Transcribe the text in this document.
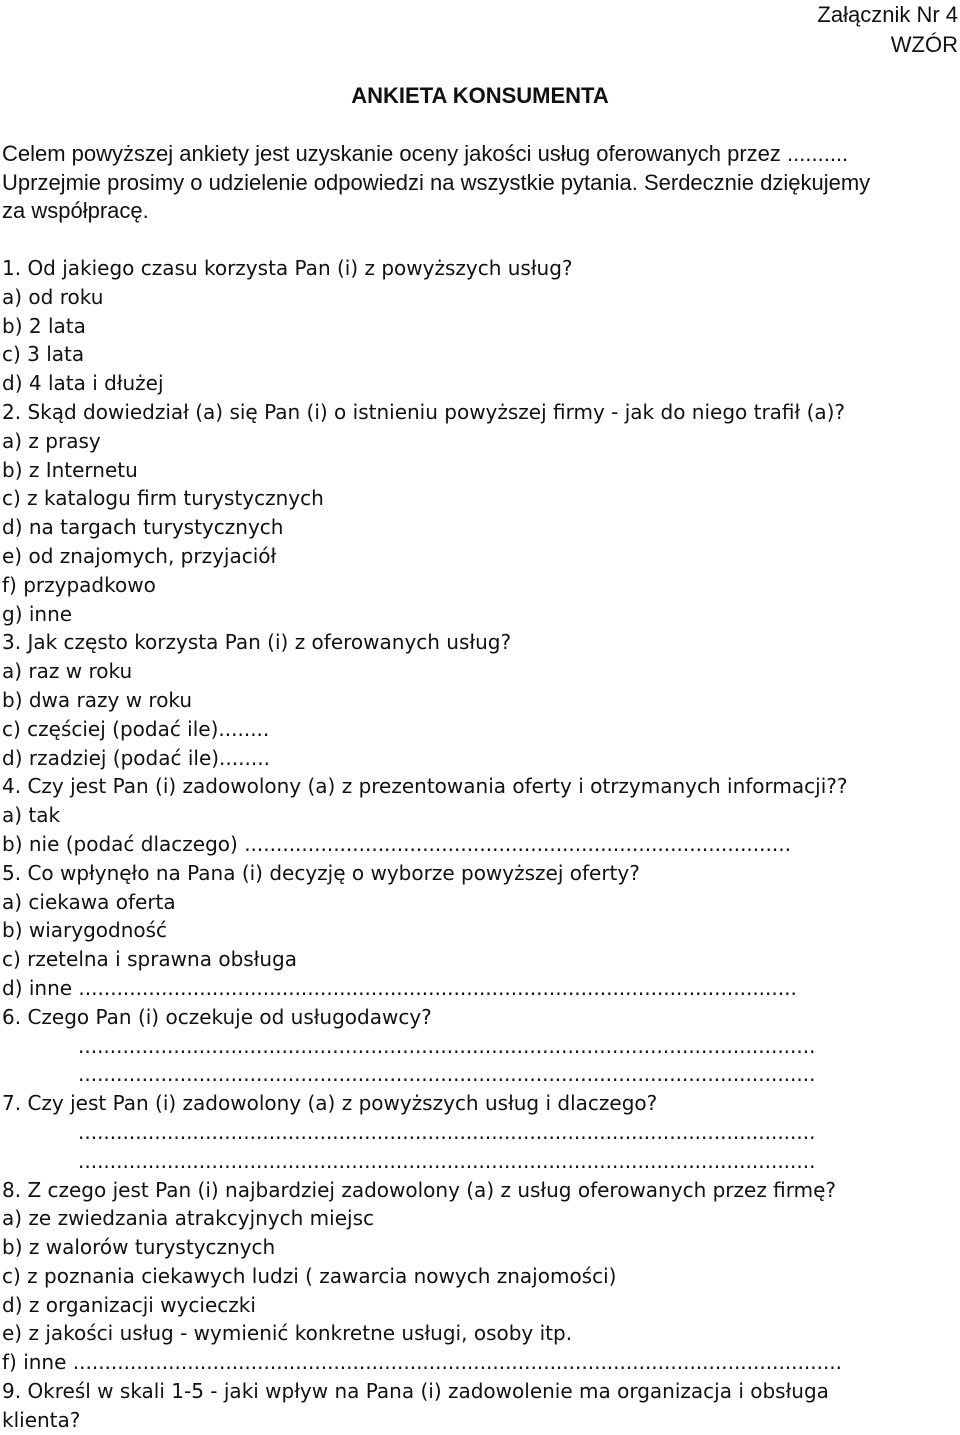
Załącznik Nr 4
WZÓR
ANKIETA KONSUMENTA
Celem powyższej ankiety jest uzyskanie oceny jakości usług oferowanych przez ..........
Uprzejmie prosimy o udzielenie odpowiedzi na wszystkie pytania. Serdecznie dziękujemy
za współpracę.
1. Od jakiego czasu korzysta Pan (i) z powyższych usług?
a) od roku
b) 2 lata
c) 3 lata
d) 4 lata i dłużej
2. Skąd dowiedział (a) się Pan (i) o istnieniu powyższej firmy - jak do niego trafił (a)?
a) z prasy
b) z Internetu
c) z katalogu firm turystycznych
d) na targach turystycznych
e) od znajomych, przyjaciół
f) przypadkowo
g) inne
3. Jak często korzysta Pan (i) z oferowanych usług?
a) raz w roku
b) dwa razy w roku
c) częściej (podać ile)........
d) rzadziej (podać ile)........
4. Czy jest Pan (i) zadowolony (a) z prezentowania oferty i otrzymanych informacji??
a) tak
b) nie (podać dlaczego) ......................................................................................
5. Co wpłynęło na Pana (i) decyzję o wyborze powyższej oferty?
a) ciekawa oferta
b) wiarygodność
c) rzetelna i sprawna obsługa
d) inne .................................................................................................................
6. Czego Pan (i) oczekuje od usługodawcy?
....................................................................................................................
....................................................................................................................
7. Czy jest Pan (i) zadowolony (a) z powyższych usług i dlaczego?
....................................................................................................................
....................................................................................................................
8. Z czego jest Pan (i) najbardziej zadowolony (a) z usług oferowanych przez firmę?
a) ze zwiedzania atrakcyjnych miejsc
b) z walorów turystycznych
c) z poznania ciekawych ludzi ( zawarcia nowych znajomości)
d) z organizacji wycieczki
e) z jakości usług - wymienić konkretne usługi, osoby itp.
f) inne .........................................................................................................................
9. Określ w skali 1-5 - jaki wpływ na Pana (i) zadowolenie ma organizacja i obsługa
klienta?
